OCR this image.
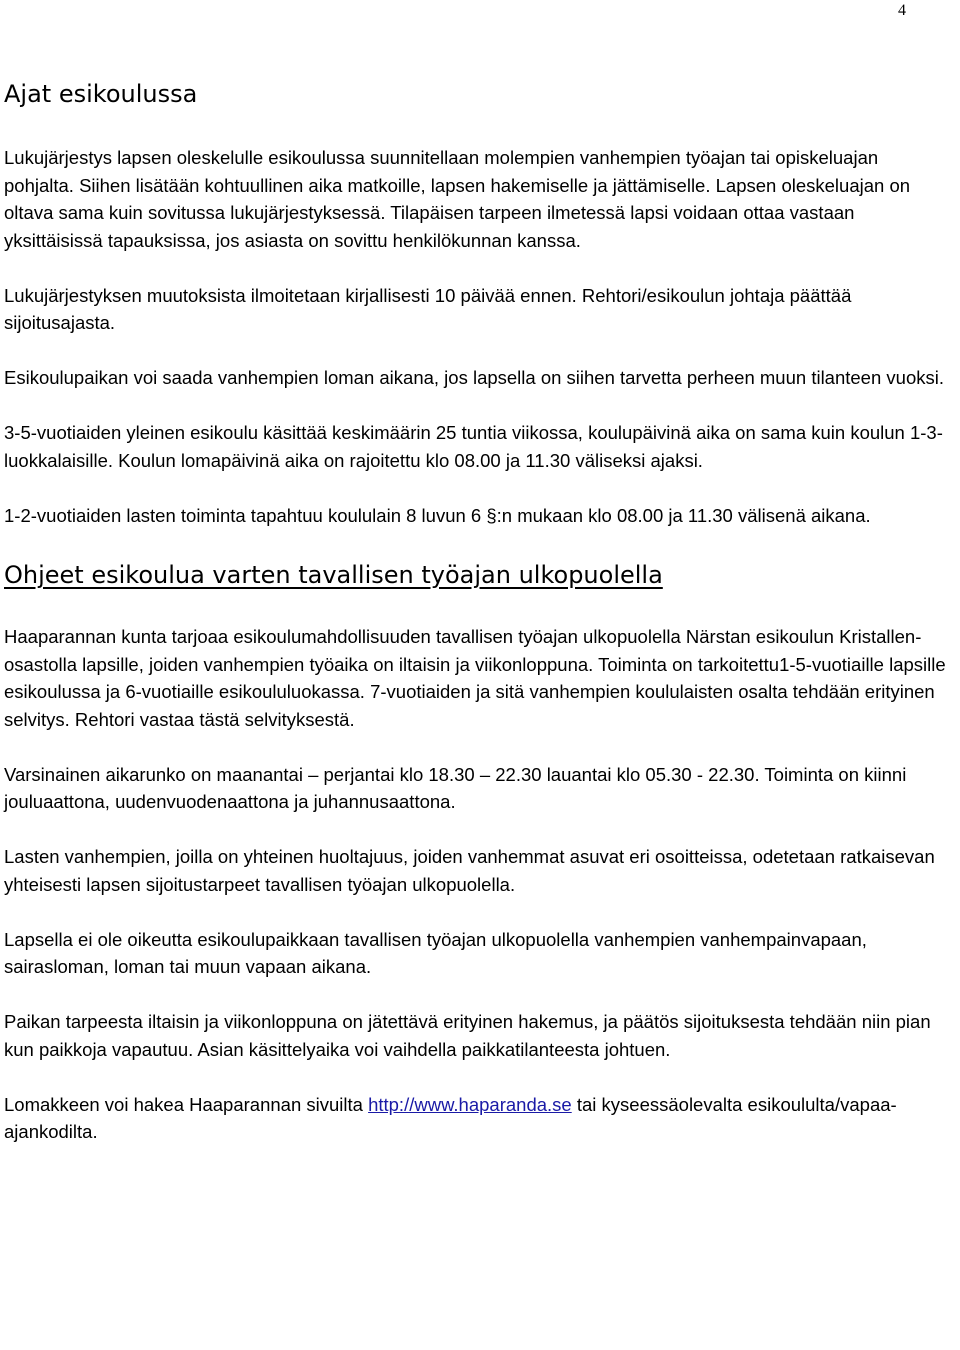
4
Ajat esikoulussa

Lukujärjestys lapsen oleskelulle esikoulussa suunnitellaan molempien vanhempien työajan tai opiskeluajan pohjalta. Siihen lisätään kohtuullinen aika matkoille, lapsen hakemiselle ja jättämiselle. Lapsen oleskeluajan on oltava sama kuin sovitussa lukujärjestyksessä. Tilapäisen tarpeen ilmetessä lapsi voidaan ottaa vastaan yksittäisissä tapauksissa, jos asiasta on sovittu henkilökunnan kanssa.

Lukujärjestyksen muutoksista ilmoitetaan kirjallisesti 10 päivää ennen. Rehtori/esikoulun johtaja päättää sijoitusajasta.

Esikoulupaikan voi saada vanhempien loman aikana, jos lapsella on siihen tarvetta perheen muun tilanteen vuoksi.

3-5-vuotiaiden yleinen esikoulu käsittää keskimäärin 25 tuntia viikossa, koulupäivinä aika on sama kuin koulun 1-3-luokkalaisille. Koulun lomapäivinä aika on rajoitettu klo 08.00 ja 11.30 väliseksi ajaksi.

1-2-vuotiaiden lasten toiminta tapahtuu koululain 8 luvun 6 §:n mukaan klo 08.00 ja 11.30 välisenä aikana.

Ohjeet esikoulua varten tavallisen työajan ulkopuolella

Haaparannan kunta tarjoaa esikoulumahdollisuuden tavallisen työajan ulkopuolella Närstan esikoulun Kristallen-osastolla lapsille, joiden vanhempien työaika on iltaisin ja viikonloppuna. Toiminta on tarkoitettu1-5-vuotiaille lapsille esikoulussa ja 6-vuotiaille esikoululuokassa. 7-vuotiaiden ja sitä vanhempien koululaisten osalta tehdään erityinen selvitys. Rehtori vastaa tästä selvityksestä.

Varsinainen aikarunko on maanantai – perjantai klo 18.30 – 22.30 lauantai klo 05.30 - 22.30. Toiminta on kiinni jouluaattona, uudenvuodenaattona ja juhannusaattona.

Lasten vanhempien, joilla on yhteinen huoltajuus, joiden vanhemmat asuvat eri osoitteissa, odetetaan ratkaisevan yhteisesti lapsen sijoitustarpeet tavallisen työajan ulkopuolella.

Lapsella ei ole oikeutta esikoulupaikkaan tavallisen työajan ulkopuolella vanhempien vanhempainvapaan, sairasloman, loman tai muun vapaan aikana.

Paikan tarpeesta iltaisin ja viikonloppuna on jätettävä erityinen hakemus, ja päätös sijoituksesta tehdään niin pian kun paikkoja vapautuu. Asian käsittelyaika voi vaihdella paikkatilanteesta johtuen.

Lomakkeen voi hakea Haaparannan sivuilta http://www.haparanda.se tai kyseessäolevalta esikoululta/vapaa-ajankodilta.
